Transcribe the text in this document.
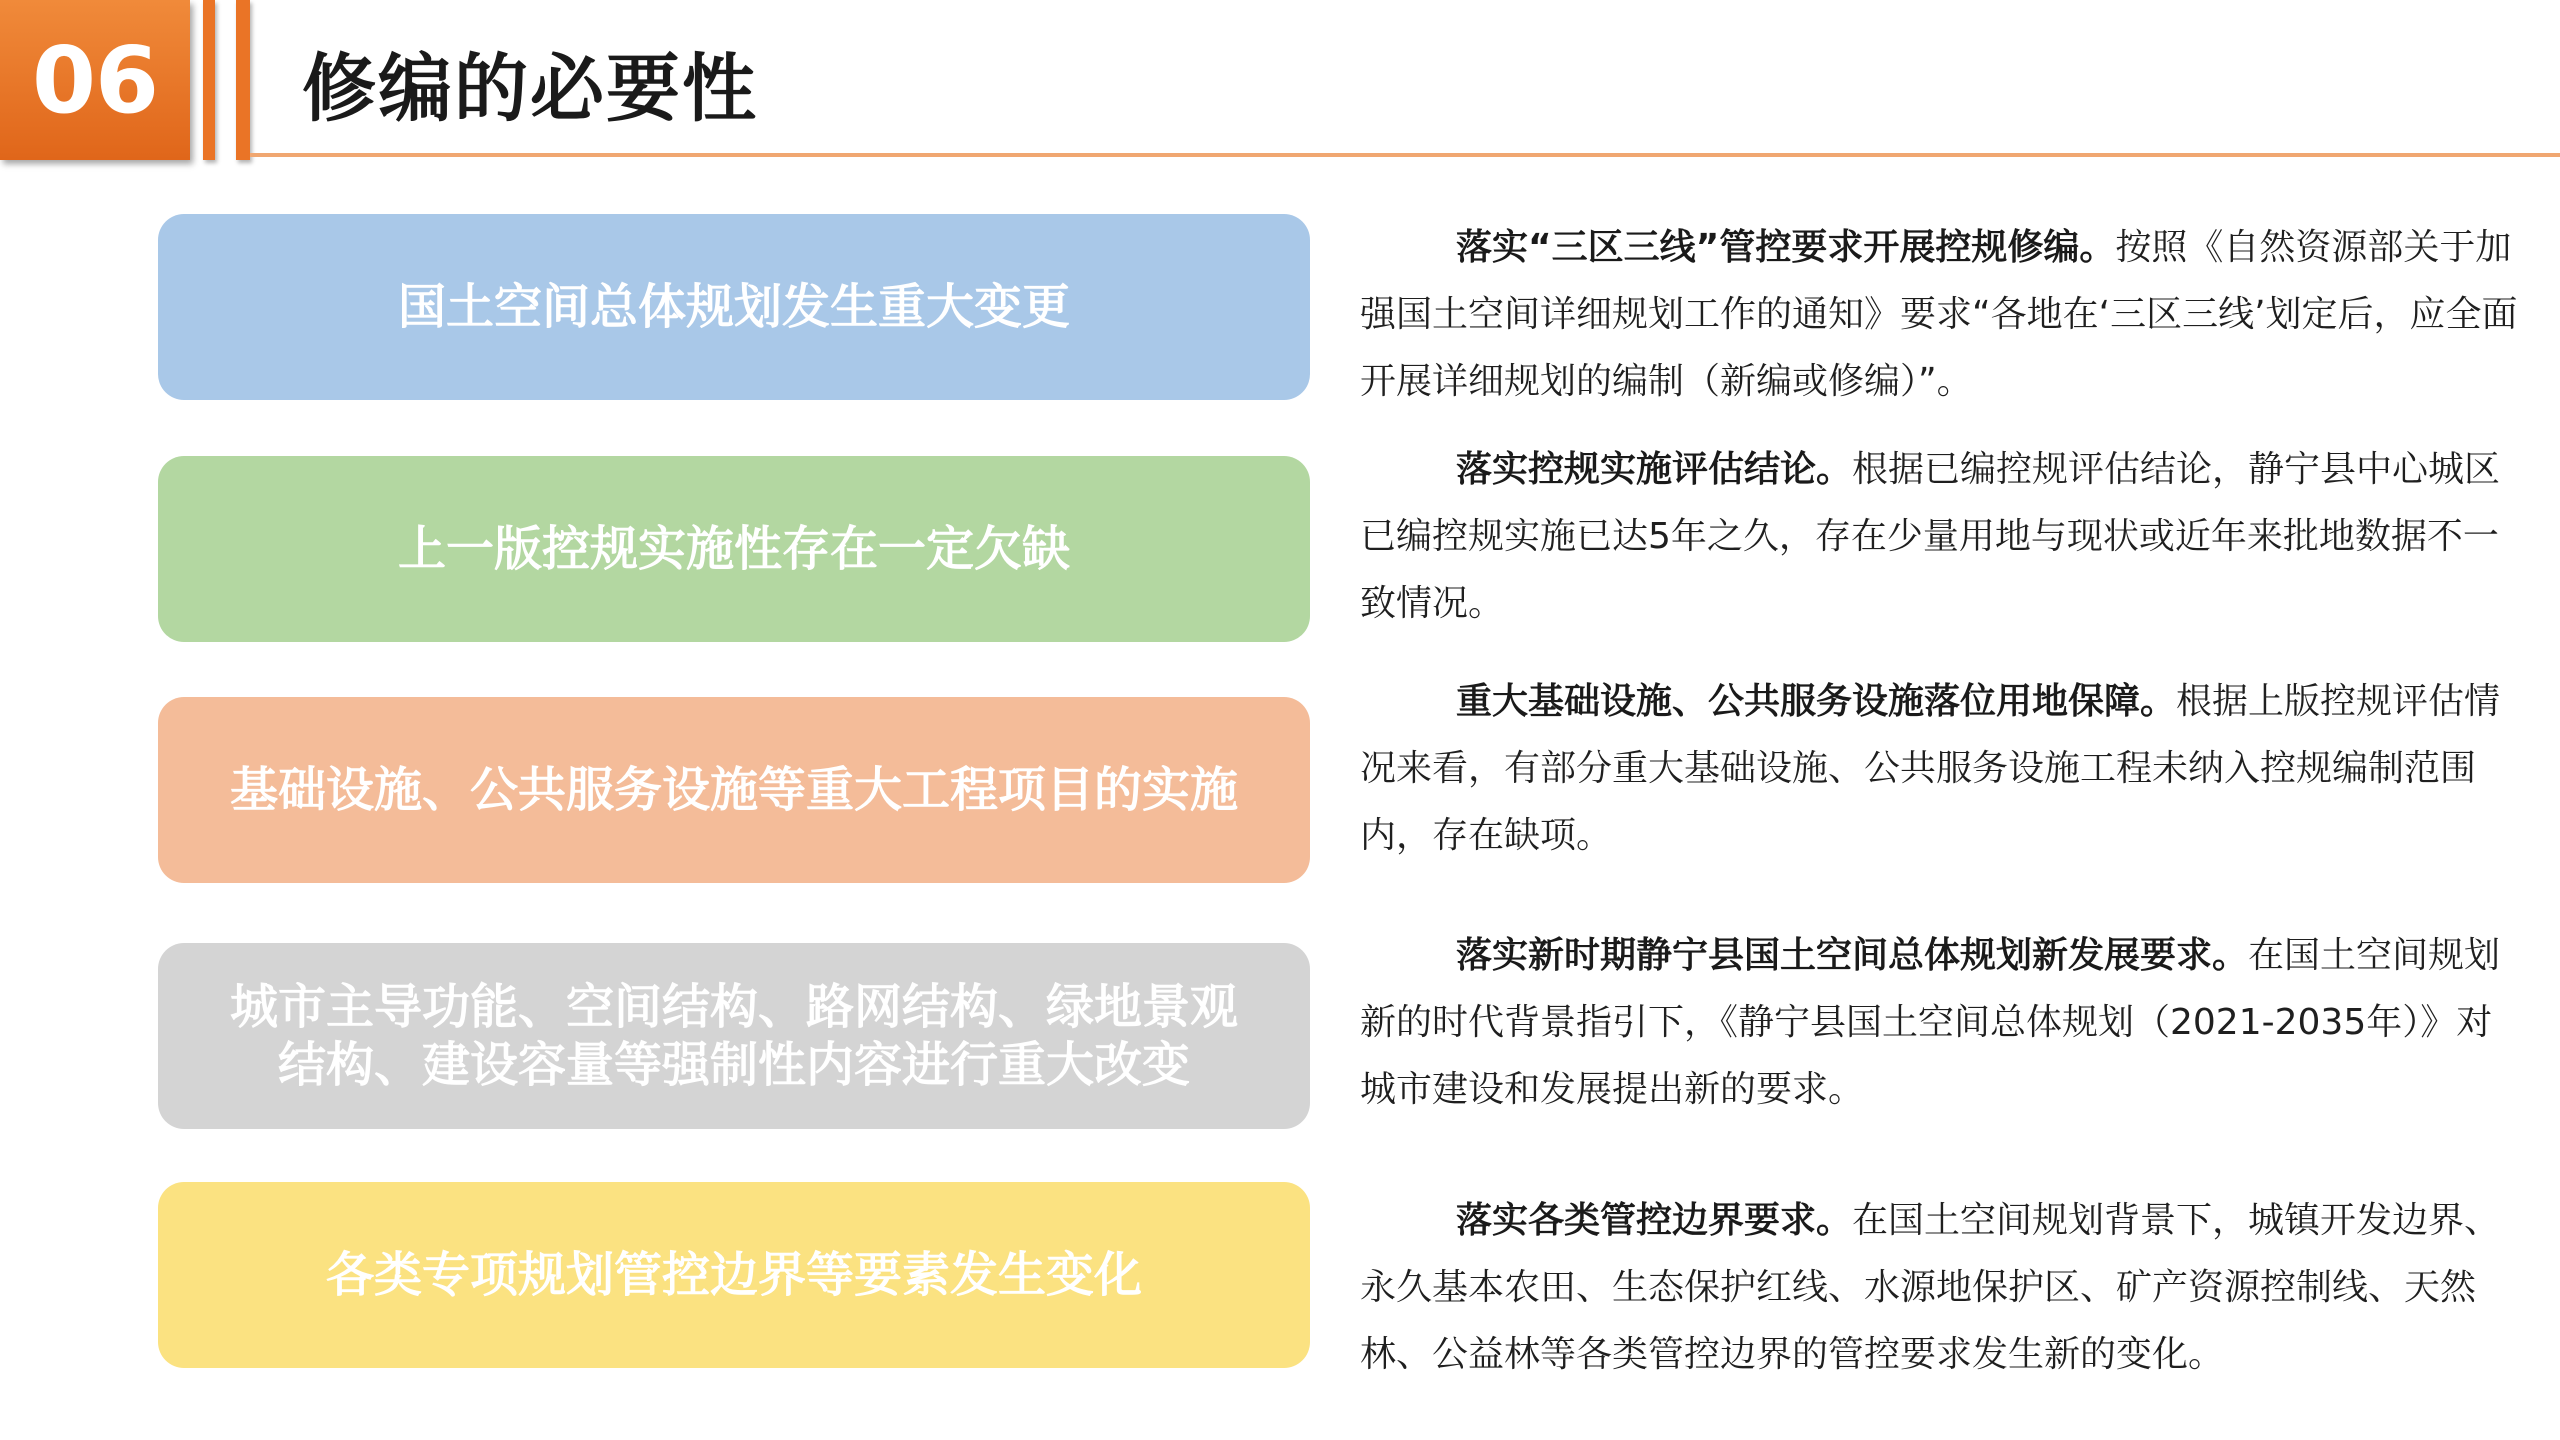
06 修编的必要性
国土空间总体规划发生重大变更
上一版控规实施性存在一定欠缺
基础设施、公共服务设施等重大工程项目的实施
城市主导功能、空间结构、路网结构、绿地景观结构、建设容量等强制性内容进行重大改变
各类专项规划管控边界等要素发生变化

落实“三区三线”管控要求开展控规修编。按照《自然资源部关于加强国土空间详细规划工作的通知》要求“各地在‘三区三线’划定后，应全面开展详细规划的编制（新编或修编）”。

落实控规实施评估结论。根据已编控规评估结论，静宁县中心城区已编控规实施已达5年之久，存在少量用地与现状或近年来批地数据不一致情况。

重大基础设施、公共服务设施落位用地保障。根据上版控规评估情况来看，有部分重大基础设施、公共服务设施工程未纳入控规编制范围内，存在缺项。

落实新时期静宁县国土空间总体规划新发展要求。在国土空间规划新的时代背景指引下，《静宁县国土空间总体规划（2021-2035年）》对城市建设和发展提出新的要求。

落实各类管控边界要求。在国土空间规划背景下，城镇开发边界、永久基本农田、生态保护红线、水源地保护区、矿产资源控制线、天然林、公益林等各类管控边界的管控要求发生新的变化。
